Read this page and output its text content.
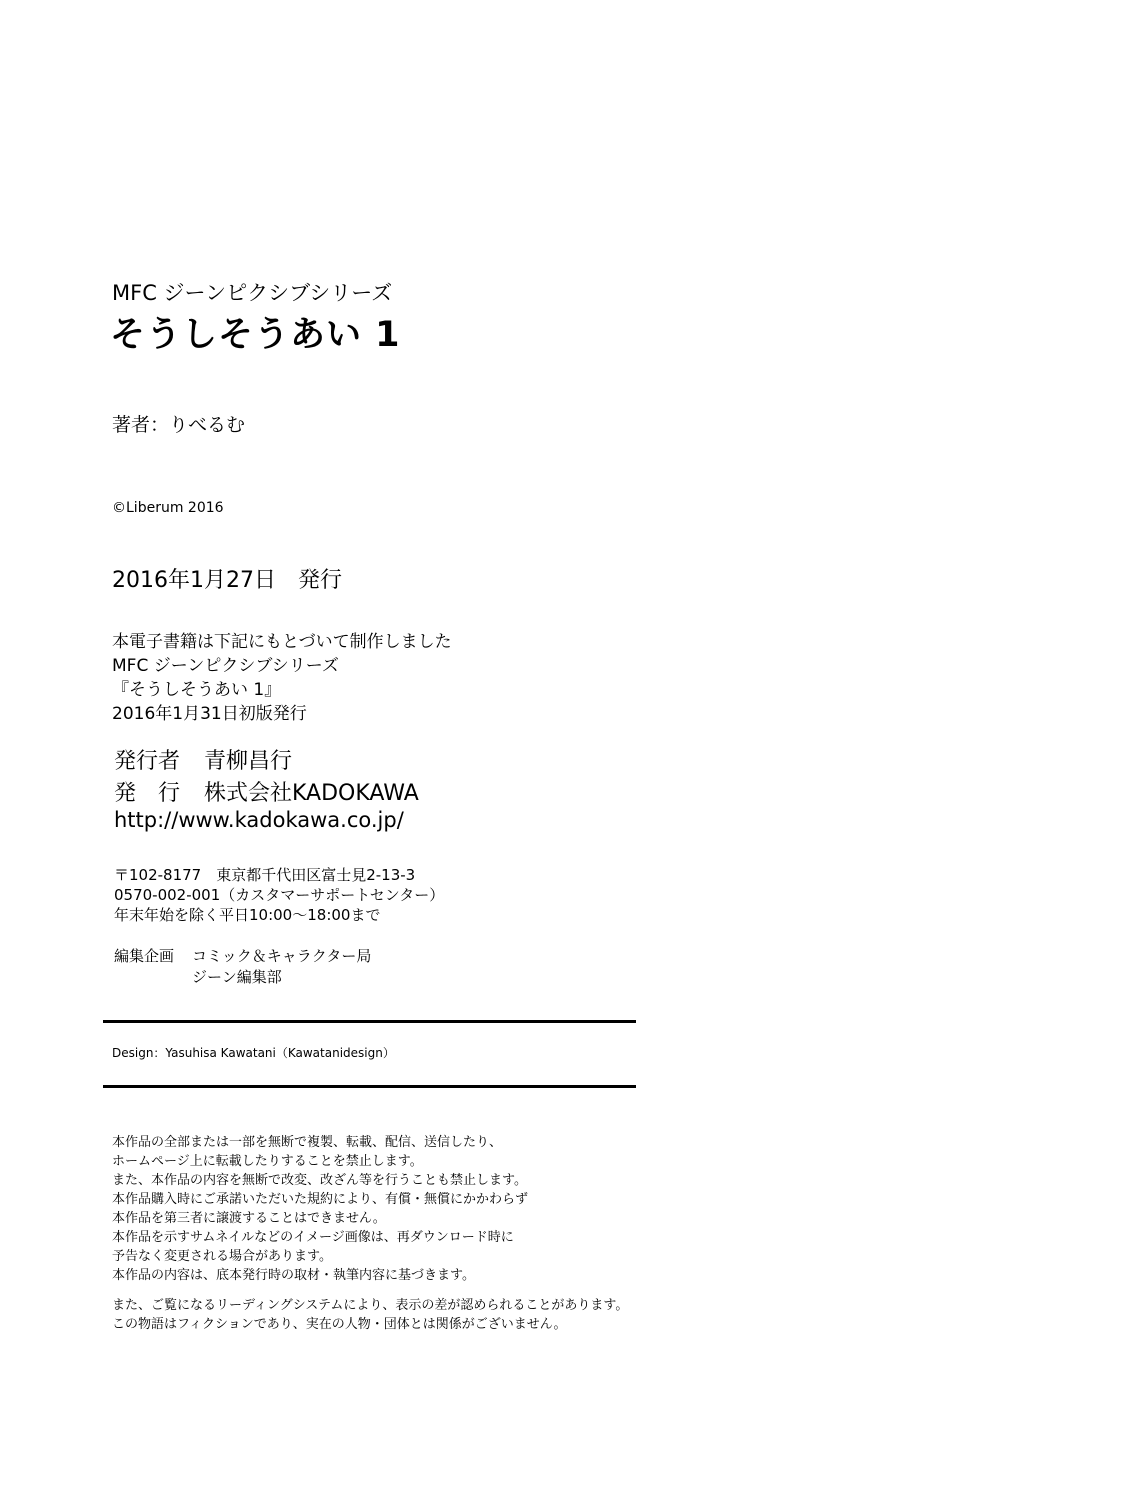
MFC ジーンピクシブシリーズ
そうしそうあい 1
著者：りべるむ
©Liberum 2016
2016年1月27日　発行
本電子書籍は下記にもとづいて制作しました
MFC ジーンピクシブシリーズ
『そうしそうあい 1』
2016年1月31日初版発行
発行者 青柳昌行
発　行 株式会社KADOKAWA
http://www.kadokawa.co.jp/
〒102-8177　東京都千代田区富士見2-13-3
0570-002-001（カスタマーサポートセンター）
年末年始を除く平日10:00～18:00まで
編集企画 コミック＆キャラクター局
ジーン編集部
Design：Yasuhisa Kawatani（Kawatanidesign）
本作品の全部または一部を無断で複製、転載、配信、送信したり、
ホームページ上に転載したりすることを禁止します。
また、本作品の内容を無断で改変、改ざん等を行うことも禁止します。
本作品購入時にご承諾いただいた規約により、有償・無償にかかわらず
本作品を第三者に譲渡することはできません。
本作品を示すサムネイルなどのイメージ画像は、再ダウンロード時に
予告なく変更される場合があります。
本作品の内容は、底本発行時の取材・執筆内容に基づきます。
また、ご覧になるリーディングシステムにより、表示の差が認められることがあります。
この物語はフィクションであり、実在の人物・団体とは関係がございません。
